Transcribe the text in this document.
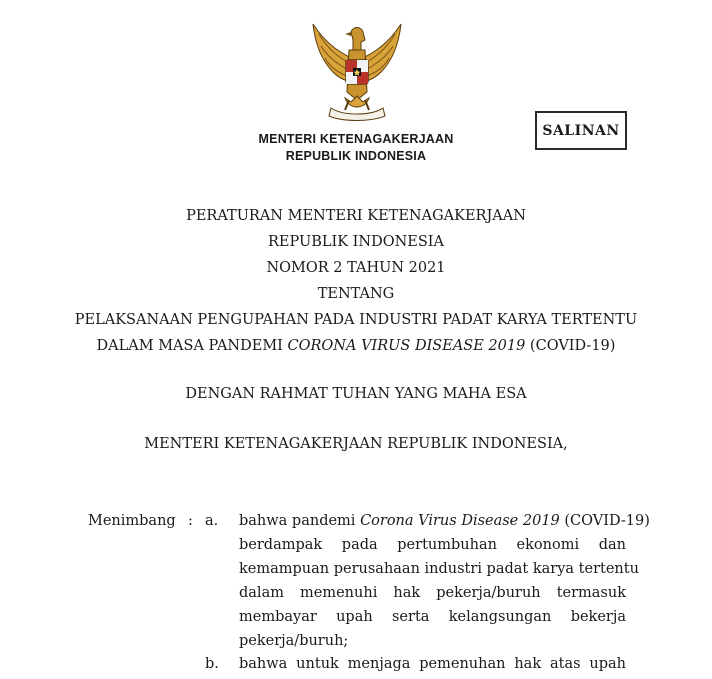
MENTERI KETENAGAKERJAAN
REPUBLIK INDONESIA
SALINAN
PERATURAN MENTERI KETENAGAKERJAAN
REPUBLIK INDONESIA
NOMOR 2 TAHUN 2021
TENTANG
PELAKSANAAN PENGUPAHAN PADA INDUSTRI PADAT KARYA TERTENTU
DALAM MASA PANDEMI CORONA VIRUS DISEASE 2019 (COVID-19)
DENGAN RAHMAT TUHAN YANG MAHA ESA
MENTERI KETENAGAKERJAAN REPUBLIK INDONESIA,
Menimbang : a. bahwa pandemi Corona Virus Disease 2019 (COVID-19)
berdampak pada pertumbuhan ekonomi dan
kemampuan perusahaan industri padat karya tertentu
dalam memenuhi hak pekerja/buruh termasuk
membayar upah serta kelangsungan bekerja
pekerja/buruh;
b. bahwa untuk menjaga pemenuhan hak atas upah
